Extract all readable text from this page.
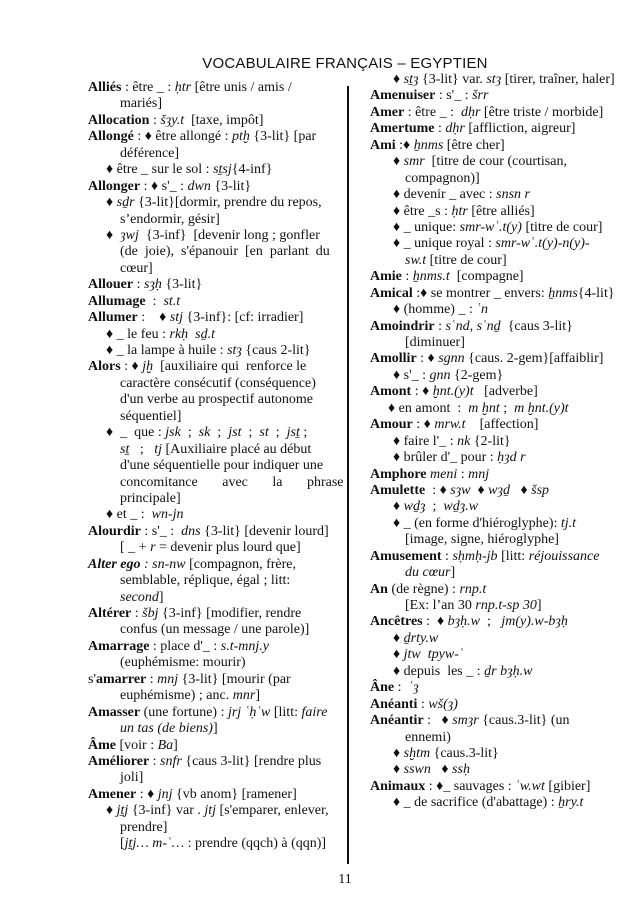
VOCABULAIRE FRANÇAIS – EGYPTIEN
Alliés : être _ : ḥtr [être unis / amis /
mariés]
Allocation : šȝy.t  [taxe, impôt]
Allongé : ♦ être allongé : ptḫ {3-lit} [par
déférence]
♦ être _ sur le sol : sṯsj{4-inf}
Allonger : ♦ s'_ : dwn {3-lit}
♦ sḏr {3-lit}[dormir, prendre du repos,
s’endormir, gésir]
♦  ȝwj  {3-inf}  [devenir long ; gonfler
(de  joie),  s'épanouir  [en  parlant  du
cœur]
Allouer : sȝḥ {3-lit}
Allumage  :  st.t
Allumer :    ♦ stj {3-inf}: [cf: irradier]
♦ _ le feu : rkḥ  sḏ.t
♦ _ la lampe à huile : stȝ {caus 2-lit}
Alors : ♦ jḫ  [auxiliaire qui  renforce le
caractère consécutif (conséquence)
d'un verbe au prospectif autonome
séquentiel]
♦  _  que : jsk  ;  sk  ;  jst  ;  st  ;  jsṯ ;
sṯ   ;   tj [Auxiliaire placé au début
d'une séquentielle pour indiquer une
concomitance       avec       la       phrase
principale]
♦ et _ :  wn-jn
Alourdir : s'_ :  dns {3-lit} [devenir lourd]
[ _ + r = devenir plus lourd que]
Alter ego : sn-nw [compagnon, frère,
semblable, réplique, égal ; litt:
second]
Altérer : šbj {3-inf} [modifier, rendre
confus (un message / une parole)]
Amarrage : place d'_ : s.t-mnj.y
(euphémisme: mourir)
s'amarrer : mnj {3-lit} [mourir (par
euphémisme) ; anc. mnr]
Amasser (une fortune) : jrj ʿḥʿw [litt: faire
un tas (de biens)]
Âme [voir : Ba]
Améliorer : snfr {caus 3-lit} [rendre plus
joli]
Amener : ♦ jnj {vb anom} [ramener]
♦ jṯj {3-inf} var . jtj [s'emparer, enlever,
prendre]
[jṯj… m-ʿ… : prendre (qqch) à (qqn)]
♦ sṯȝ {3-lit} var. stȝ [tirer, traîner, haler]
Amenuiser : s'_ : šrr
Amer : être _ :  dḥr [être triste / morbide]
Amertume : dḥr [affliction, aigreur]
Ami :♦ ẖnms [être cher]
♦ smr  [titre de cour (courtisan,
compagnon)]
♦ devenir _ avec : snsn r
♦ être _s : ḥtr [être alliés]
♦ _ unique: smr-wʿ.t(y) [titre de cour]
♦ _ unique royal : smr-wʿ.t(y)-n(y)-
sw.t [titre de cour]
Amie : ẖnms.t  [compagne]
Amical :♦ se montrer _ envers: ẖnms{4-lit}
♦ (homme) _ : ʿn
Amoindrir : sʿnd, sʿnḏ  {caus 3-lit}
[diminuer]
Amollir : ♦ sgnn {caus. 2-gem}[affaiblir]
♦ s'_ : gnn {2-gem}
Amont : ♦ ḫnt.(y)t   [adverbe]
♦ en amont  :  m ḫnt ;  m ḫnt.(y)t
Amour : ♦ mrw.t    [affection]
♦ faire l'_ : nk {2-lit}
♦ brûler d'_ pour : ḥȝd r
Amphore meni : mnj
Amulette  : ♦ sȝw  ♦ wȝḏ   ♦ šsp
♦ wḏȝ  ;  wḏȝ.w
♦ _ (en forme d'hiéroglyphe): tj.t
[image, signe, hiéroglyphe]
Amusement : sḥmḥ-jb [litt: réjouissance
du cœur]
An (de règne) : rnp.t
[Ex: l’an 30 rnp.t-sp 30]
Ancêtres :  ♦ bȝḥ.w  ;   jm(y).w-bȝḥ
♦ ḏrty.w
♦ jtw  tpyw-ʿ
♦ depuis  les _ : ḏr bȝḥ.w
Âne :  ʿȝ
Anéanti : wš(ȝ)
Anéantir :   ♦ smȝr {caus.3-lit} (un
ennemi)
♦ sḫtm {caus.3-lit}
♦ sswn   ♦ ssḥ
Animaux : ♦_ sauvages : ʿw.wt [gibier]
♦ _ de sacrifice (d'abattage) : ẖry.t
11
